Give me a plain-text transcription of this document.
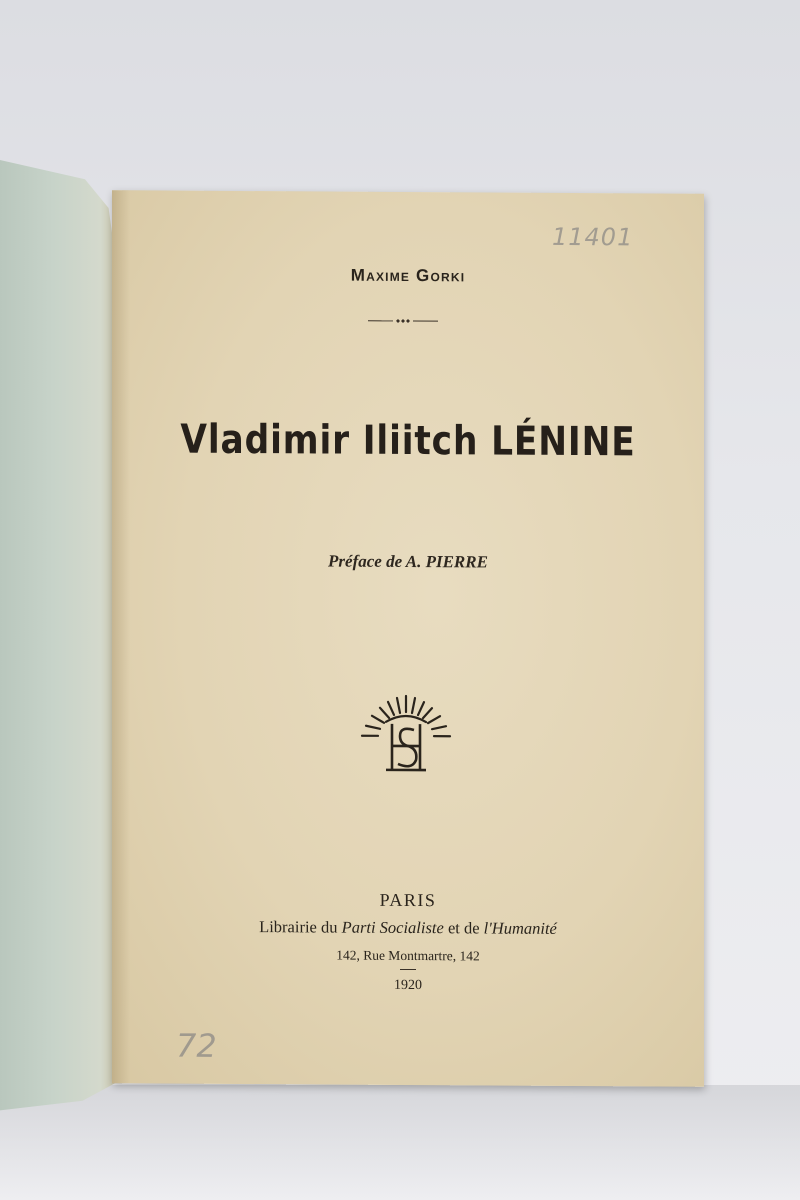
11401
Maxime Gorki
Vladimir Iliitch LÉNINE
Préface de A. PIERRE
PARIS
Librairie du Parti Socialiste et de l'Humanité
142, Rue Montmartre, 142
1920
72
